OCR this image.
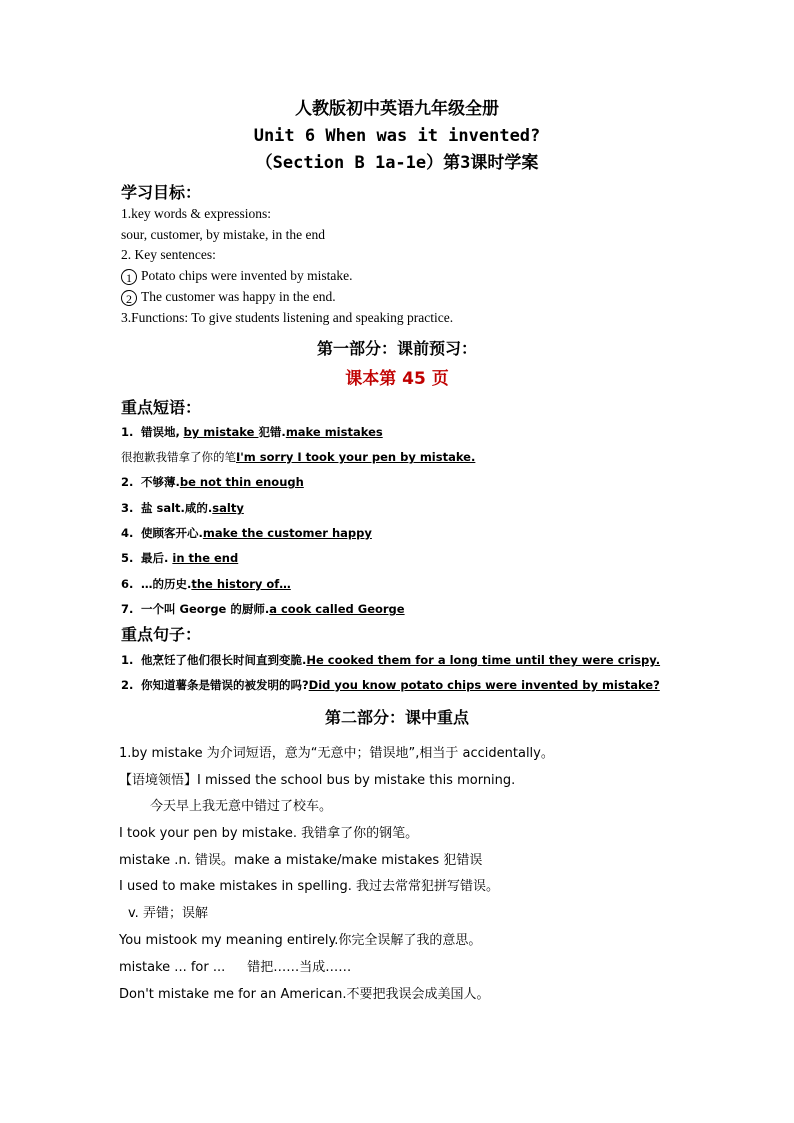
人教版初中英语九年级全册
Unit 6 When was it invented?
（Section B 1a-1e）第3课时学案
学习目标：
1.key words & expressions:
sour, customer, by mistake, in the end
2. Key sentences:
1 Potato chips were invented by mistake.
2 The customer was happy in the end.
3.Functions: To give students listening and speaking practice.
第一部分：课前预习：
课本第 45 页
重点短语：
1. 错误地, by mistake 犯错.make mistakes
很抱歉我错拿了你的笔I'm sorry I took your pen by mistake.
2. 不够薄.be not thin enough
3. 盐 salt.咸的.salty
4. 使顾客开心.make the customer happy
5. 最后. in the end
6. …的历史.the history of…
7. 一个叫 George 的厨师.a cook called George
重点句子：
1. 他烹饪了他们很长时间直到变脆.He cooked them for a long time until they were crispy.
2. 你知道薯条是错误的被发明的吗?Did you know potato chips were invented by mistake?
第二部分：课中重点
1.by mistake 为介词短语，意为“无意中；错误地”,相当于 accidentally。
【语境领悟】I missed the school bus by mistake this morning.
今天早上我无意中错过了校车。
I took your pen by mistake. 我错拿了你的钢笔。
mistake .n. 错误。make a mistake/make mistakes 犯错误
I used to make mistakes in spelling. 我过去常常犯拼写错误。
v. 弄错；误解
You mistook my meaning entirely.你完全误解了我的意思。
mistake ... for ... 错把……当成……
Don't mistake me for an American.不要把我误会成美国人。
